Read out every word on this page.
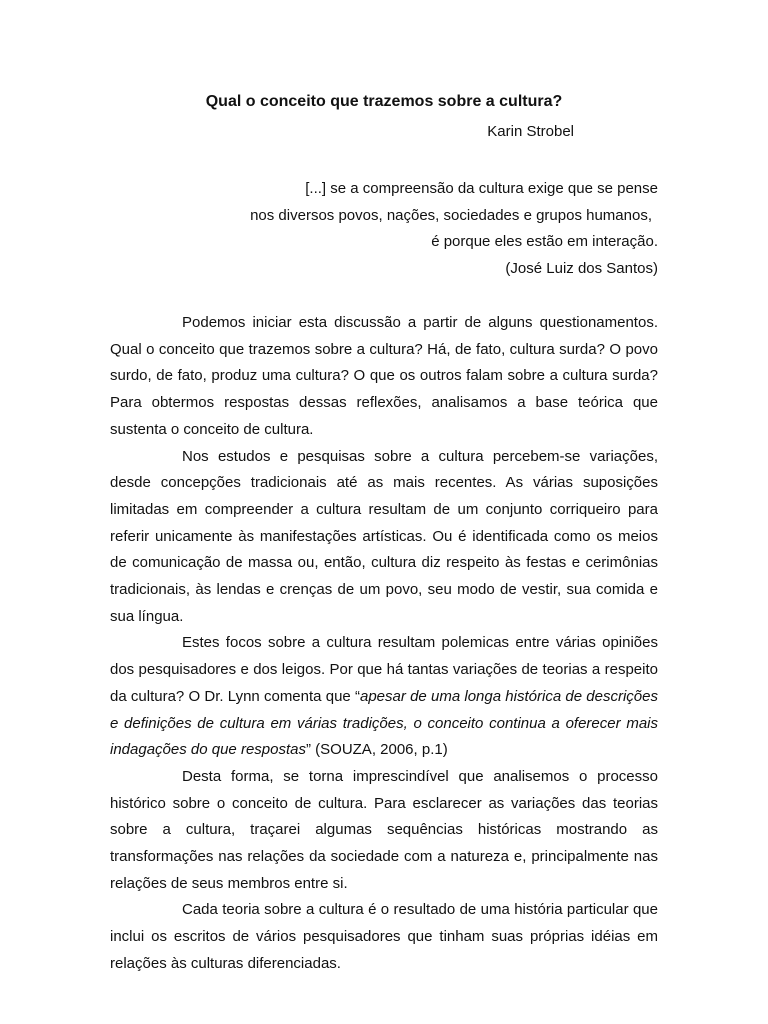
Qual o conceito que trazemos sobre a cultura?
Karin Strobel
[...] se a compreensão da cultura exige que se pense
nos diversos povos, nações, sociedades e grupos humanos,
é porque eles estão em interação.
(José Luiz dos Santos)

Podemos iniciar esta discussão a partir de alguns questionamentos. Qual o conceito que trazemos sobre a cultura? Há, de fato, cultura surda? O povo surdo, de fato, produz uma cultura? O que os outros falam sobre a cultura surda? Para obtermos respostas dessas reflexões, analisamos a base teórica que sustenta o conceito de cultura.

Nos estudos e pesquisas sobre a cultura percebem-se variações, desde concepções tradicionais até as mais recentes. As várias suposições limitadas em compreender a cultura resultam de um conjunto corriqueiro para referir unicamente às manifestações artísticas. Ou é identificada como os meios de comunicação de massa ou, então, cultura diz respeito às festas e cerimônias tradicionais, às lendas e crenças de um povo, seu modo de vestir, sua comida e sua língua.

Estes focos sobre a cultura resultam polemicas entre várias opiniões dos pesquisadores e dos leigos. Por que há tantas variações de teorias a respeito da cultura? O Dr. Lynn comenta que “apesar de uma longa histórica de descrições e definições de cultura em várias tradições, o conceito continua a oferecer mais indagações do que respostas” (SOUZA, 2006, p.1)

Desta forma, se torna imprescindível que analisemos o processo histórico sobre o conceito de cultura. Para esclarecer as variações das teorias sobre a cultura, traçarei algumas sequências históricas mostrando as transformações nas relações da sociedade com a natureza e, principalmente nas relações de seus membros entre si.

Cada teoria sobre a cultura é o resultado de uma história particular que inclui os escritos de vários pesquisadores que tinham suas próprias idéias em relações às culturas diferenciadas.
